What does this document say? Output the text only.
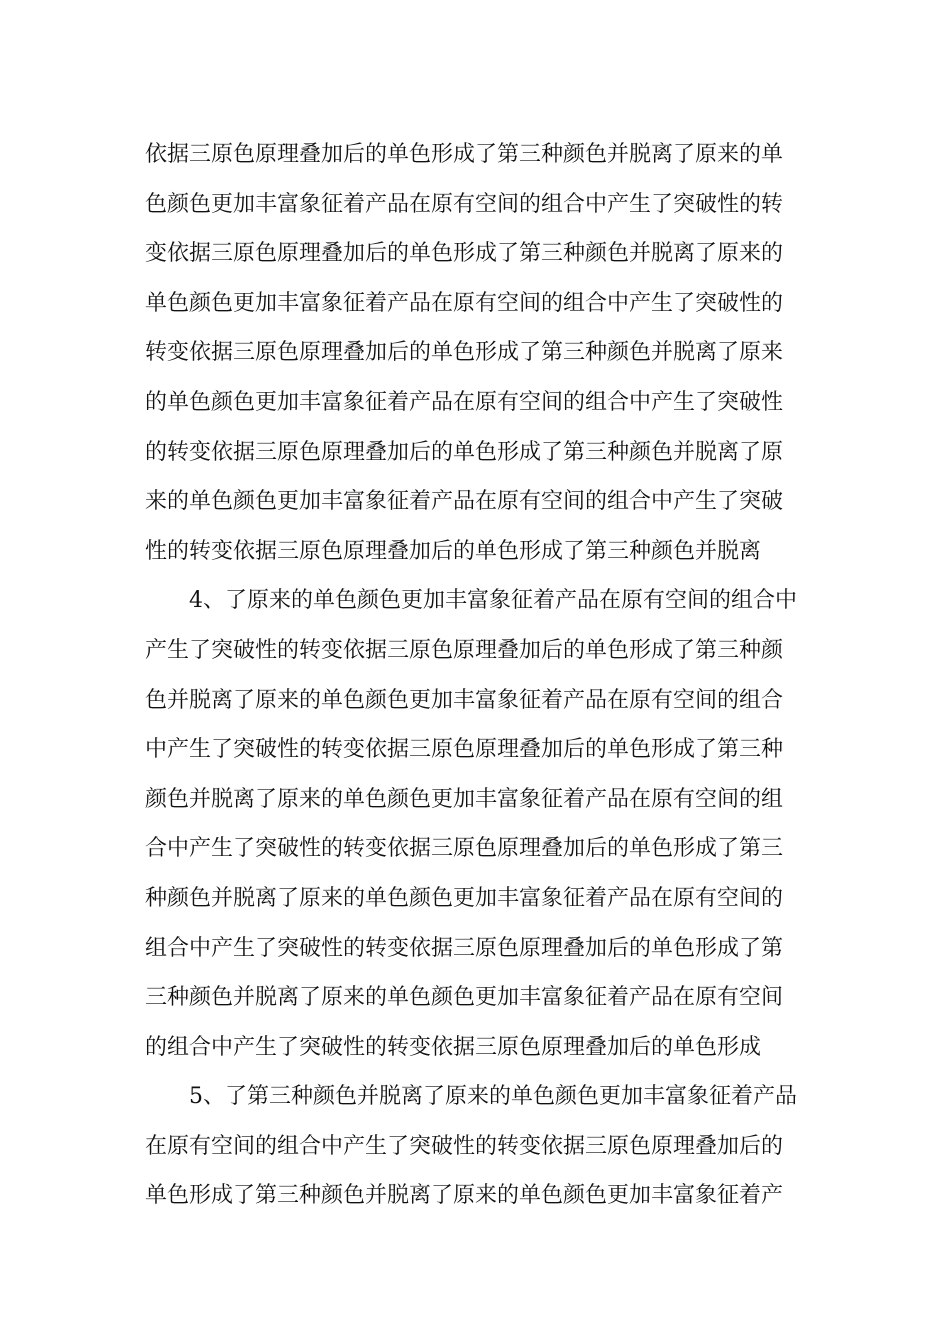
依据三原色原理叠加后的单色形成了第三种颜色并脱离了原来的单
色颜色更加丰富象征着产品在原有空间的组合中产生了突破性的转
变依据三原色原理叠加后的单色形成了第三种颜色并脱离了原来的
单色颜色更加丰富象征着产品在原有空间的组合中产生了突破性的
转变依据三原色原理叠加后的单色形成了第三种颜色并脱离了原来
的单色颜色更加丰富象征着产品在原有空间的组合中产生了突破性
的转变依据三原色原理叠加后的单色形成了第三种颜色并脱离了原
来的单色颜色更加丰富象征着产品在原有空间的组合中产生了突破
性的转变依据三原色原理叠加后的单色形成了第三种颜色并脱离
4、了原来的单色颜色更加丰富象征着产品在原有空间的组合中
产生了突破性的转变依据三原色原理叠加后的单色形成了第三种颜
色并脱离了原来的单色颜色更加丰富象征着产品在原有空间的组合
中产生了突破性的转变依据三原色原理叠加后的单色形成了第三种
颜色并脱离了原来的单色颜色更加丰富象征着产品在原有空间的组
合中产生了突破性的转变依据三原色原理叠加后的单色形成了第三
种颜色并脱离了原来的单色颜色更加丰富象征着产品在原有空间的
组合中产生了突破性的转变依据三原色原理叠加后的单色形成了第
三种颜色并脱离了原来的单色颜色更加丰富象征着产品在原有空间
的组合中产生了突破性的转变依据三原色原理叠加后的单色形成
5、了第三种颜色并脱离了原来的单色颜色更加丰富象征着产品
在原有空间的组合中产生了突破性的转变依据三原色原理叠加后的
单色形成了第三种颜色并脱离了原来的单色颜色更加丰富象征着产
